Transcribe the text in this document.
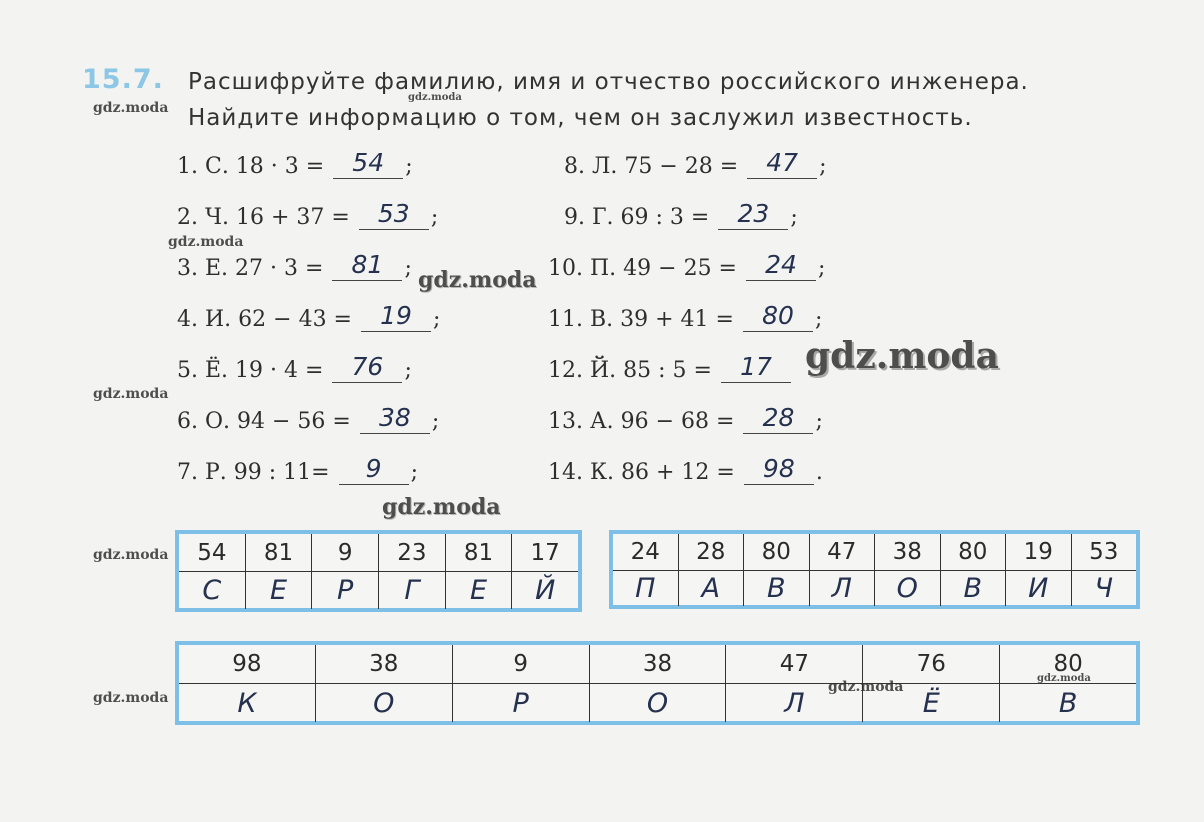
15.7. Расшифруйте фамилию, имя и отчество российского инженера.
Найдите информацию о том, чем он заслужил известность.
1. С. 18 · 3 = 54 ;
2. Ч. 16 + 37 = 53 ;
3. Е. 27 · 3 = 81 ;
4. И. 62 − 43 = 19 ;
5. Ё. 19 · 4 = 76 ;
6. О. 94 − 56 = 38 ;
7. Р. 99 : 11= 9 ;
8. Л. 75 − 28 = 47 ;
9. Г. 69 : 3 = 23 ;
10. П. 49 − 25 = 24 ;
11. В. 39 + 41 = 80 ;
12. Й. 85 : 5 = 17
13. А. 96 − 68 = 28 ;
14. К. 86 + 12 = 98 .
54	81	9	23	81	17
С	Е	Р	Г	Е	Й
24	28	80	47	38	80	19	53
П	А	В	Л	О	В	И	Ч
98	38	9	38	47	76	80
К	О	Р	О	Л	Ё	В
gdz.moda
gdz.moda
gdz.moda
gdz.moda
gdz.moda
gdz.moda
gdz.moda
gdz.moda
gdz.moda
gdz.moda
gdz.moda
